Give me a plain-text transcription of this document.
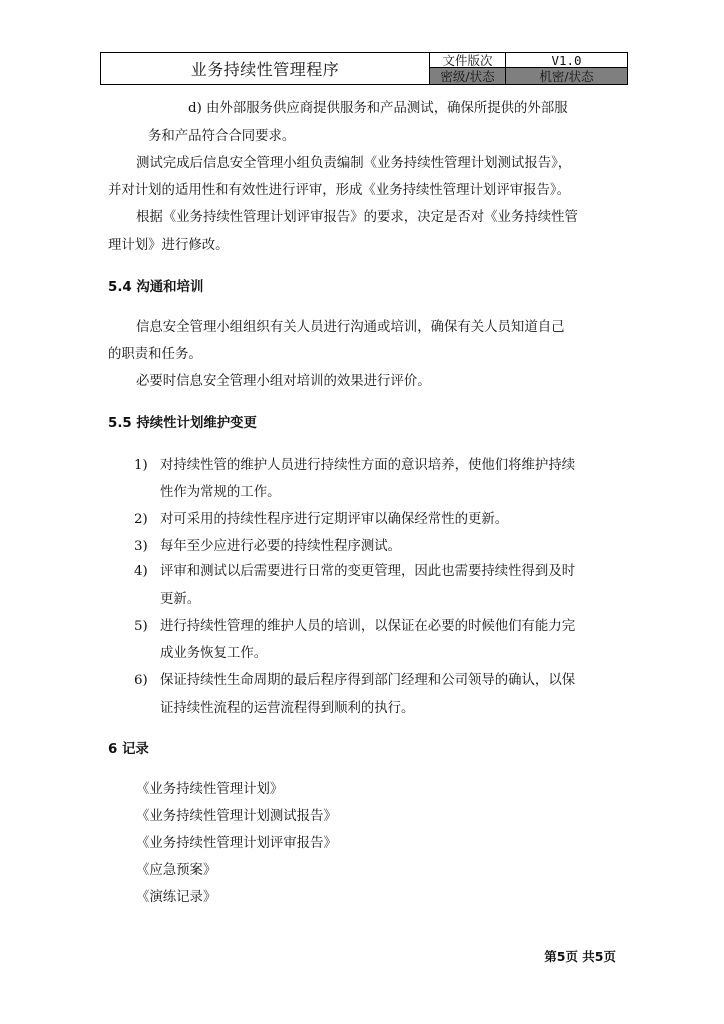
业务持续性管理程序	文件版次	V1.0
密级/状态	机密/状态
d) 由外部服务供应商提供服务和产品测试，确保所提供的外部服
务和产品符合合同要求。
测试完成后信息安全管理小组负责编制《业务持续性管理计划测试报告》，
并对计划的适用性和有效性进行评审，形成《业务持续性管理计划评审报告》。
根据《业务持续性管理计划评审报告》的要求，决定是否对《业务持续性管
理计划》进行修改。
5.4 沟通和培训
信息安全管理小组组织有关人员进行沟通或培训，确保有关人员知道自己
的职责和任务。
必要时信息安全管理小组对培训的效果进行评价。
5.5 持续性计划维护变更
1) 对持续性管的维护人员进行持续性方面的意识培养，使他们将维护持续
性作为常规的工作。
2) 对可采用的持续性程序进行定期评审以确保经常性的更新。
3) 每年至少应进行必要的持续性程序测试。
4) 评审和测试以后需要进行日常的变更管理，因此也需要持续性得到及时
更新。
5) 进行持续性管理的维护人员的培训，以保证在必要的时候他们有能力完
成业务恢复工作。
6) 保证持续性生命周期的最后程序得到部门经理和公司领导的确认，以保
证持续性流程的运营流程得到顺利的执行。
6 记录
《业务持续性管理计划》
《业务持续性管理计划测试报告》
《业务持续性管理计划评审报告》
《应急预案》
《演练记录》
第5页 共5页
